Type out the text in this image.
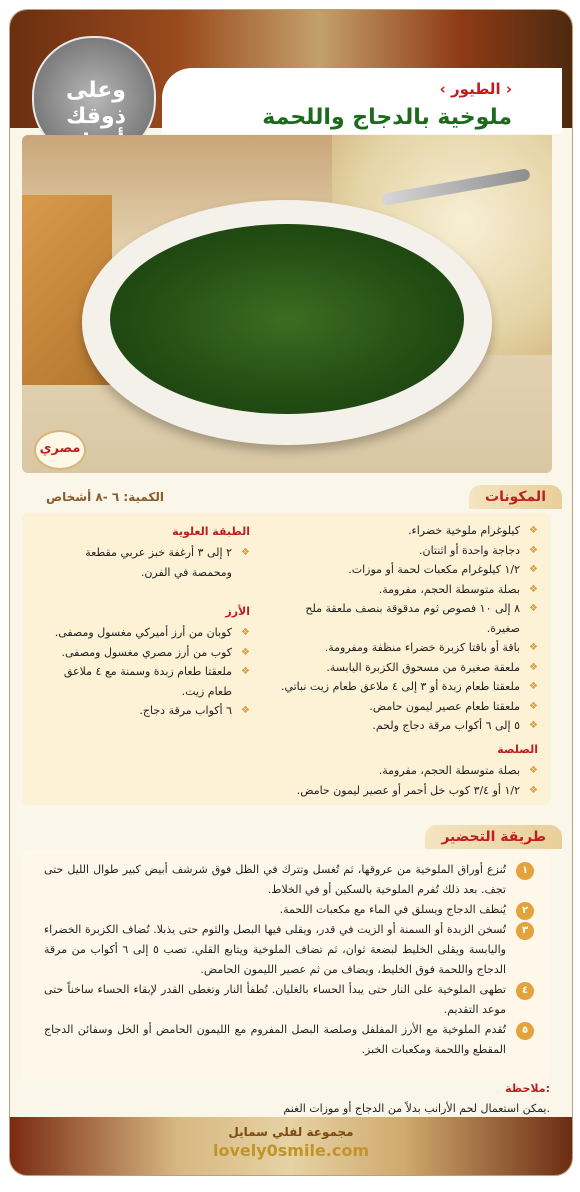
وعلى ذوقك
‹ الطيور ›
ملوخية بالدجاج واللحمة
مصري
المكونات
الكمية: ٦ -٨ أشخاص
❖ كيلوغرام ملوخية خضراء.
❖ دجاجة واحدة أو اثنتان.
❖ ١/٢ كيلوغرام مكعبات لحمة أو موزات.
❖ بصلة متوسطة الحجم، مفرومة.
❖ ٨ إلى ١٠ فصوص ثوم مدقوقة بنصف ملعقة ملح صغيرة.
❖ باقة أو باقتا كزبرة خضراء منظفة ومفرومة.
❖ ملعقة صغيرة من مسحوق الكزبرة اليابسة.
❖ ملعقتا طعام زبدة أو ٣ إلى ٤ ملاعق طعام زيت نباتي.
❖ ملعقتا طعام عصير ليمون حامض.
❖ ٥ إلى ٦ أكواب مرقة دجاج ولحم.
الطبقة العلوية
❖ ٢ إلى ٣ أرغفة خبز عربي مقطعة ومحمصة في الفرن.
الأرز
❖ كوبان من أرز أميركي مغسول ومصفى.
❖ كوب من أرز مصري مغسول ومصفى.
❖ ملعقتا طعام زبدة وسمنة مع ٤ ملاعق طعام زيت.
❖ ٦ أكواب مرقة دجاج.
الصلصة
❖ بصلة متوسطة الحجم، مفرومة.
❖ ١/٢ أو ٣/٤ كوب خل أحمر أو عصير ليمون حامض.
طريقة التحضير
١
تُنزع أوراق الملوخية من عروقها، ثم تُغسل وتترك في الظل فوق شرشف أبيض كبير طوال الليل حتى تجف. بعد ذلك تُفرم الملوخية بالسكين أو في الخلاط.
٢
يُنظف الدجاج ويسلق في الماء مع مكعبات اللحمة.
٣
تُسخن الزبدة أو السمنة أو الزيت في قدر، ويقلى فيها البصل والثوم حتى يذبلا. تُضاف الكزبرة الخضراء واليابسة ويقلى الخليط لبضعة ثوان، ثم تضاف الملوخية ويتابع القلي. تصب ٥ إلى ٦ أكواب من مرقة الدجاج واللحمة فوق الخليط، ويضاف من ثم عصير الليمون الحامض.
٤
تطهى الملوخية على النار حتى يبدأ الحساء بالغليان. تُطفأ النار وتغطى القدر لإبقاء الحساء ساخناً حتى موعد التقديم.
٥
تُقدم الملوخية مع الأرز المفلفل وصلصة البصل المفروم مع الليمون الحامض أو الخل وسفائن الدجاج المقطع واللحمة ومكعبات الخبز.
ملاحظة:
يمكن استعمال لحم الأرانب بدلاً من الدجاج أو موزات الغنم.
مجموعة لفلي سمايل
lovely0smile.com
